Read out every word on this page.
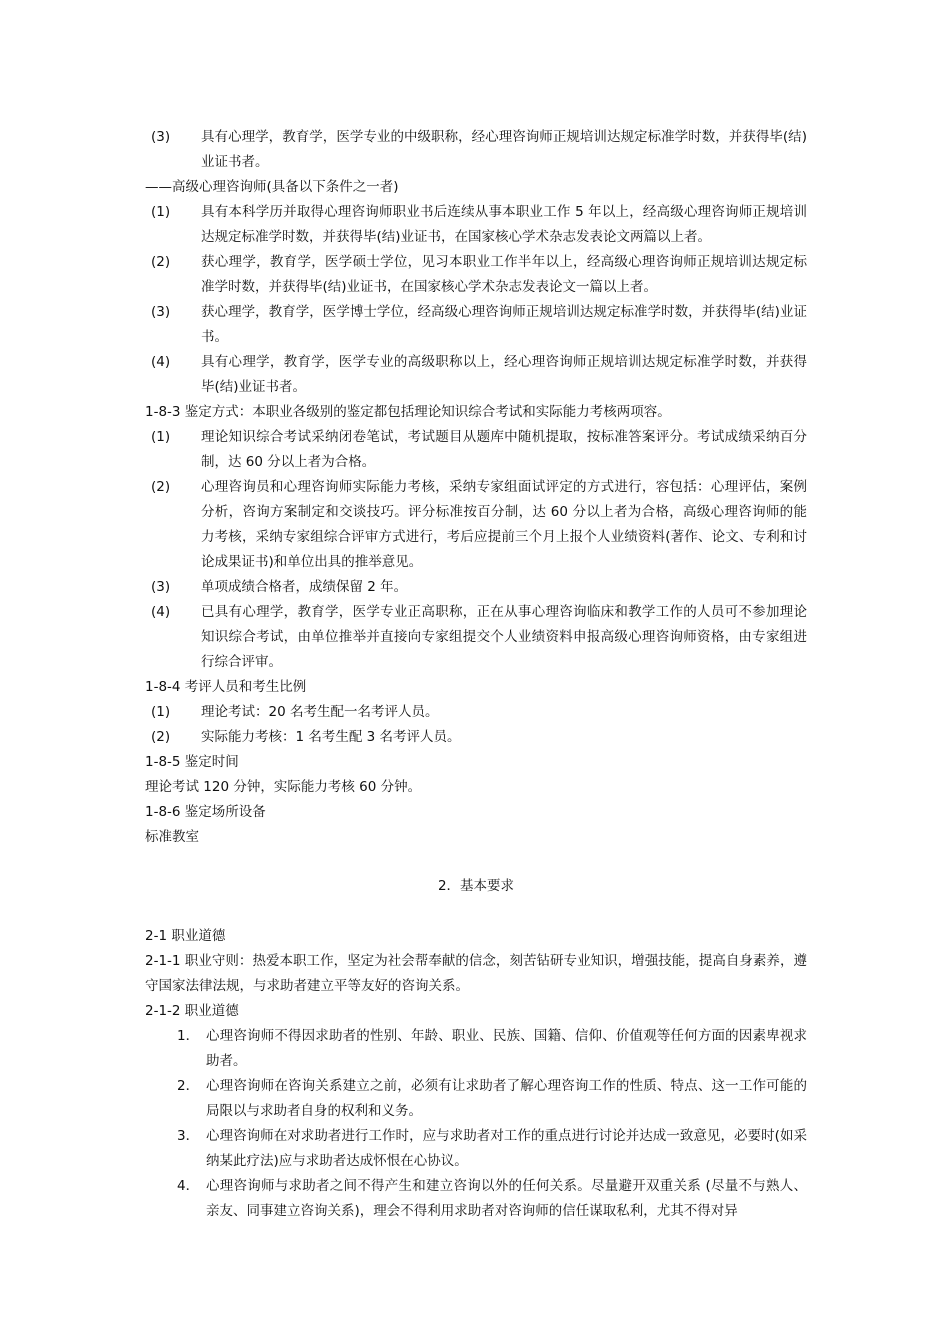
(3) 具有心理学，教育学，医学专业的中级职称，经心理咨询师正规培训达规定标准学时数，并获得毕(结)业证书者。
——高级心理咨询师(具备以下条件之一者)
(1) 具有本科学历并取得心理咨询师职业书后连续从事本职业工作 5 年以上，经高级心理咨询师正规培训达规定标准学时数，并获得毕(结)业证书，在国家核心学术杂志发表论文两篇以上者。
(2) 获心理学，教育学，医学硕士学位，见习本职业工作半年以上，经高级心理咨询师正规培训达规定标准学时数，并获得毕(结)业证书，在国家核心学术杂志发表论文一篇以上者。
(3) 获心理学，教育学，医学博士学位，经高级心理咨询师正规培训达规定标准学时数，并获得毕(结)业证书。
(4) 具有心理学，教育学，医学专业的高级职称以上，经心理咨询师正规培训达规定标准学时数，并获得毕(结)业证书者。
1-8-3 鉴定方式：本职业各级别的鉴定都包括理论知识综合考试和实际能力考核两项容。
(1) 理论知识综合考试采纳闭卷笔试，考试题目从题库中随机提取，按标准答案评分。考试成绩采纳百分制，达 60 分以上者为合格。
(2) 心理咨询员和心理咨询师实际能力考核，采纳专家组面试评定的方式进行，容包括：心理评估，案例分析，咨询方案制定和交谈技巧。评分标准按百分制，达 60 分以上者为合格，高级心理咨询师的能力考核，采纳专家组综合评审方式进行，考后应提前三个月上报个人业绩资料(著作、论文、专利和讨论成果证书)和单位出具的推举意见。
(3) 单项成绩合格者，成绩保留 2 年。
(4) 已具有心理学，教育学，医学专业正高职称，正在从事心理咨询临床和教学工作的人员可不参加理论知识综合考试，由单位推举并直接向专家组提交个人业绩资料申报高级心理咨询师资格，由专家组进行综合评审。
1-8-4 考评人员和考生比例
(1) 理论考试：20 名考生配一名考评人员。
(2) 实际能力考核：1 名考生配 3 名考评人员。
1-8-5 鉴定时间
理论考试 120 分钟，实际能力考核 60 分钟。
1-8-6 鉴定场所设备
标准教室
2．基本要求
2-1 职业道德
2-1-1 职业守则：热爱本职工作，坚定为社会帮奉献的信念，刻苦钻研专业知识，增强技能，提高自身素养，遵守国家法律法规，与求助者建立平等友好的咨询关系。
2-1-2 职业道德
1． 心理咨询师不得因求助者的性别、年龄、职业、民族、国籍、信仰、价值观等任何方面的因素卑视求助者。
2． 心理咨询师在咨询关系建立之前，必须有让求助者了解心理咨询工作的性质、特点、这一工作可能的局限以与求助者自身的权利和义务。
3． 心理咨询师在对求助者进行工作时，应与求助者对工作的重点进行讨论并达成一致意见，必要时(如采纳某此疗法)应与求助者达成怀恨在心协议。
4． 心理咨询师与求助者之间不得产生和建立咨询以外的任何关系。尽量避开双重关系 (尽量不与熟人、亲友、同事建立咨询关系)，理会不得利用求助者对咨询师的信任谋取私利，尤其不得对异
